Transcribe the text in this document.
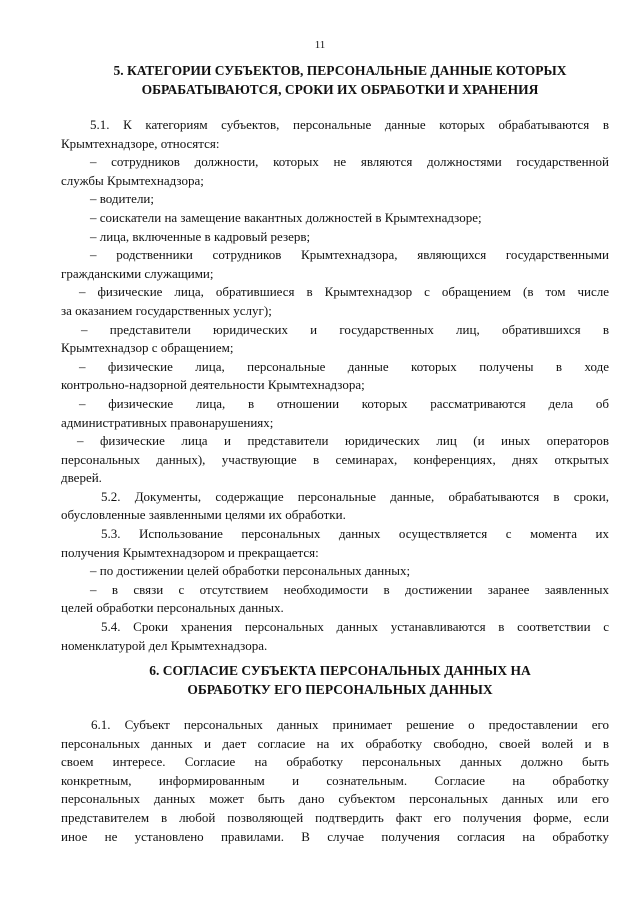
11
5. КАТЕГОРИИ СУБЪЕКТОВ, ПЕРСОНАЛЬНЫЕ ДАННЫЕ КОТОРЫХ
ОБРАБАТЫВАЮТСЯ, СРОКИ ИХ ОБРАБОТКИ И ХРАНЕНИЯ
5.1. К категориям субъектов, персональные данные которых обрабатываются в
Крымтехнадзоре, относятся:
– сотрудников должности, которых не являются должностями государственной
службы Крымтехнадзора;
– водители;
– соискатели на замещение вакантных должностей в Крымтехнадзоре;
– лица, включенные в кадровый резерв;
– родственники сотрудников Крымтехнадзора, являющихся государственными
гражданскими служащими;
– физические лица, обратившиеся в Крымтехнадзор с обращением (в том числе
за оказанием государственных услуг);
– представители юридических и государственных лиц, обратившихся в
Крымтехнадзор с обращением;
– физические лица, персональные данные которых получены в ходе
контрольно-надзорной деятельности Крымтехнадзора;
– физические лица, в отношении которых рассматриваются дела об
административных правонарушениях;
– физические лица и представители юридических лиц (и иных операторов
персональных данных), участвующие в семинарах, конференциях, днях открытых
дверей.
5.2. Документы, содержащие персональные данные, обрабатываются в сроки,
обусловленные заявленными целями их обработки.
5.3. Использование персональных данных осуществляется с момента их
получения Крымтехнадзором и прекращается:
– по достижении целей обработки персональных данных;
– в связи с отсутствием необходимости в достижении заранее заявленных
целей обработки персональных данных.
5.4. Сроки хранения персональных данных устанавливаются в соответствии с
номенклатурой дел Крымтехнадзора.
6. СОГЛАСИЕ СУБЪЕКТА ПЕРСОНАЛЬНЫХ ДАННЫХ НА
ОБРАБОТКУ ЕГО ПЕРСОНАЛЬНЫХ ДАННЫХ
6.1. Субъект персональных данных принимает решение о предоставлении его
персональных данных и дает согласие на их обработку свободно, своей волей и в
своем интересе. Согласие на обработку персональных данных должно быть
конкретным, информированным и сознательным. Согласие на обработку
персональных данных может быть дано субъектом персональных данных или его
представителем в любой позволяющей подтвердить факт его получения форме, если
иное не установлено правилами. В случае получения согласия на обработку
